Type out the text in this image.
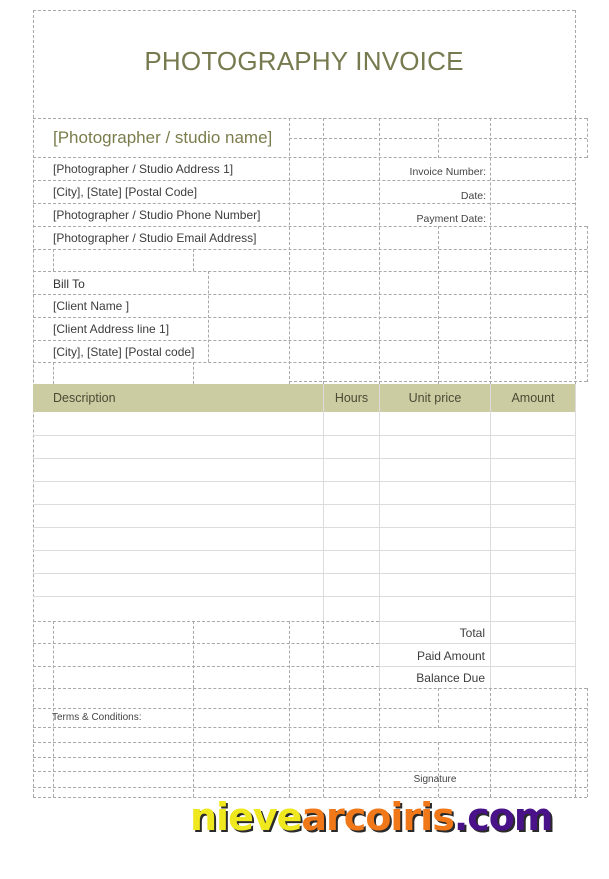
PHOTOGRAPHY INVOICE
[Photographer / studio name]
[Photographer / Studio Address 1]
[City], [State] [Postal Code]
[Photographer / Studio Phone Number]
[Photographer / Studio Email Address]
Invoice Number:
Date:
Payment Date:
Bill To
[Client Name ]
[Client Address line 1]
[City], [State] [Postal code]
Description	Hours	Unit price	Amount
Total
Paid Amount
Balance Due
Terms & Conditions:
Signature
nievearcoiris.com
